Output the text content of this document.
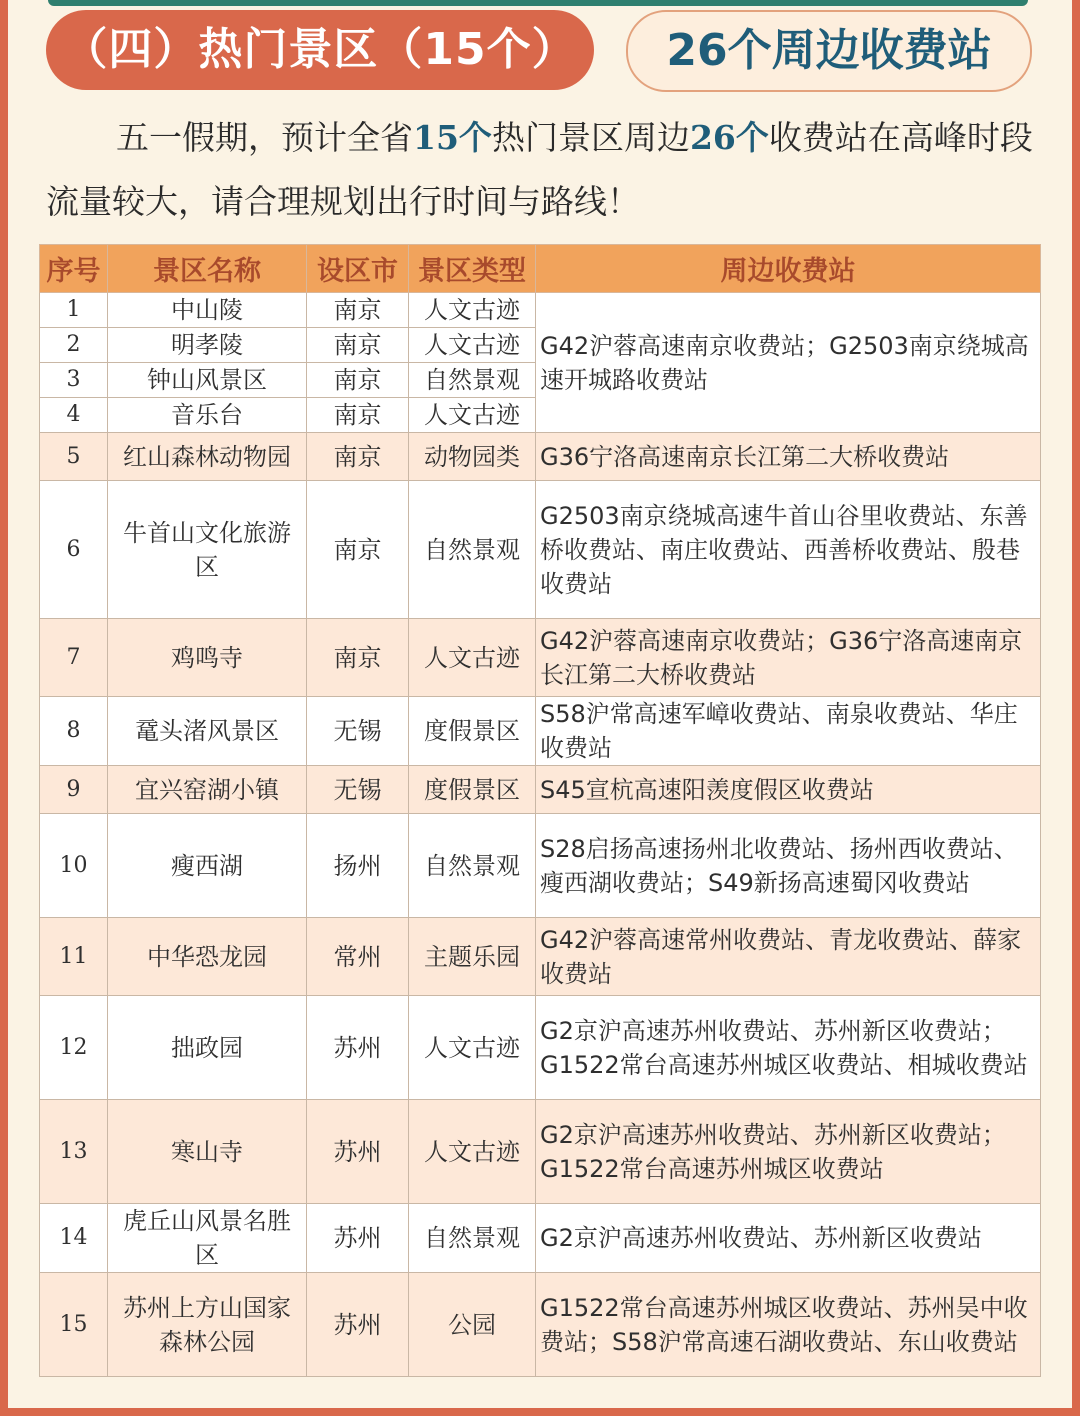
（四）热门景区（15个）	26个周边收费站
五一假期，预计全省15个热门景区周边26个收费站在高峰时段流量较大，请合理规划出行时间与路线！
序号	景区名称	设区市	景区类型	周边收费站
1	中山陵	南京	人文古迹	G42沪蓉高速南京收费站；G2503南京绕城高速开城路收费站
2	明孝陵	南京	人文古迹	
3	钟山风景区	南京	自然景观	
4	音乐台	南京	人文古迹	
5	红山森林动物园	南京	动物园类	G36宁洛高速南京长江第二大桥收费站
6	牛首山文化旅游区	南京	自然景观	G2503南京绕城高速牛首山谷里收费站、东善桥收费站、南庄收费站、西善桥收费站、殷巷收费站
7	鸡鸣寺	南京	人文古迹	G42沪蓉高速南京收费站；G36宁洛高速南京长江第二大桥收费站
8	鼋头渚风景区	无锡	度假景区	S58沪常高速军嶂收费站、南泉收费站、华庄收费站
9	宜兴窑湖小镇	无锡	度假景区	S45宣杭高速阳羡度假区收费站
10	瘦西湖	扬州	自然景观	S28启扬高速扬州北收费站、扬州西收费站、瘦西湖收费站；S49新扬高速蜀冈收费站
11	中华恐龙园	常州	主题乐园	G42沪蓉高速常州收费站、青龙收费站、薛家收费站
12	拙政园	苏州	人文古迹	G2京沪高速苏州收费站、苏州新区收费站；G1522常台高速苏州城区收费站、相城收费站
13	寒山寺	苏州	人文古迹	G2京沪高速苏州收费站、苏州新区收费站；G1522常台高速苏州城区收费站
14	虎丘山风景名胜区	苏州	自然景观	G2京沪高速苏州收费站、苏州新区收费站
15	苏州上方山国家森林公园	苏州	公园	G1522常台高速苏州城区收费站、苏州吴中收费站；S58沪常高速石湖收费站、东山收费站
